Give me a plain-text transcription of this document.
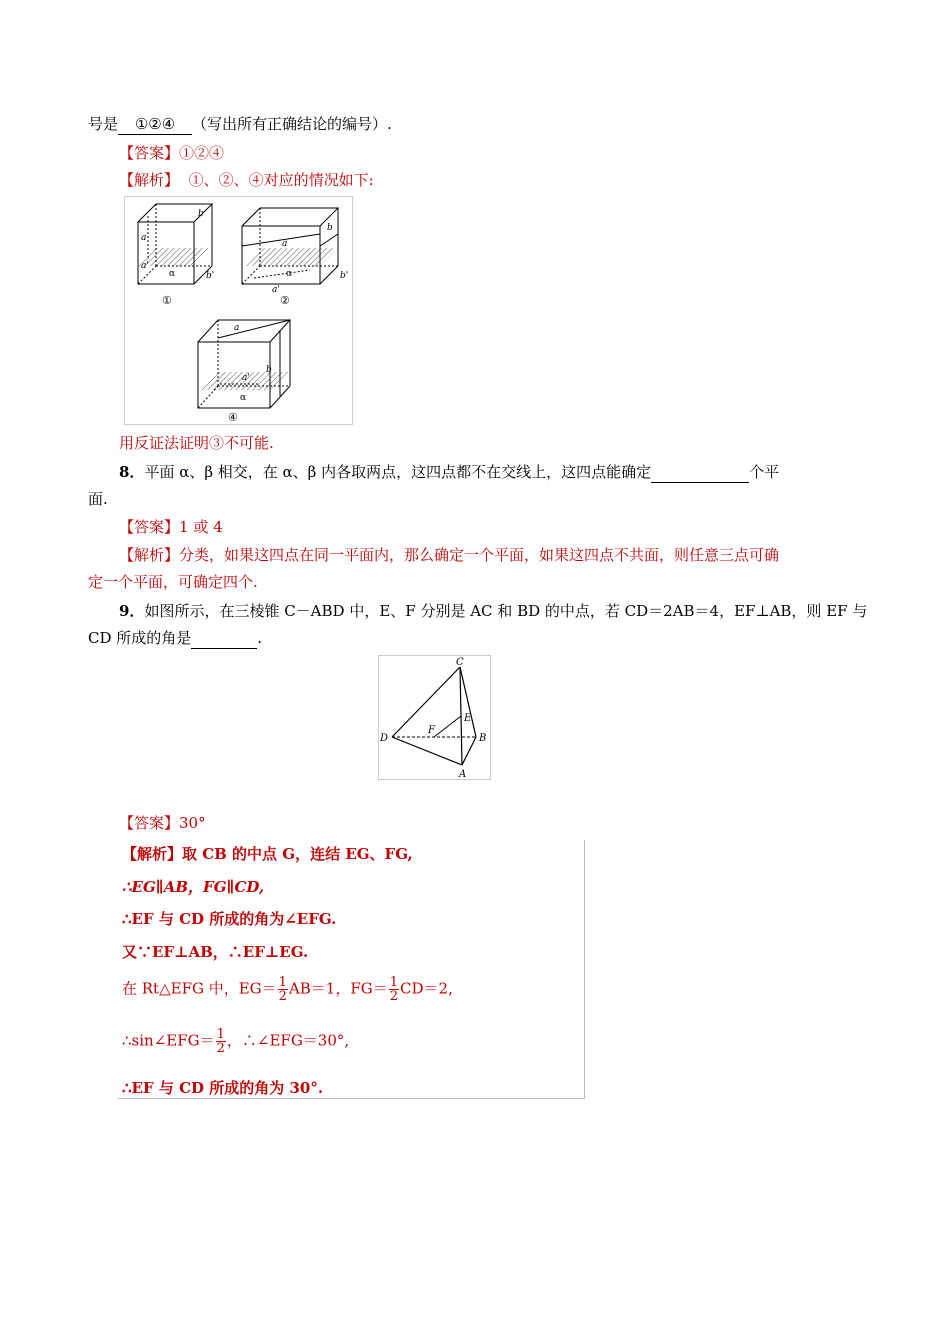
号是 ①②④ （写出所有正确结论的编号）.
【答案】①②④
【解析】 ①、②、④对应的情况如下:
a
b
a'
α	b'
①
a
b
α	b'
a'
②
a
b
a'
α
④
用反证法证明③不可能.
8．平面 α、β 相交，在 α、β 内各取两点，这四点都不在交线上，这四点能确定	个平
面.
【答案】1 或 4
【解析】分类，如果这四点在同一平面内，那么确定一个平面，如果这四点不共面，则任意三点可确
定一个平面，可确定四个.
9．如图所示，在三棱锥 C－ABD 中，E、F 分别是 AC 和 BD 的中点，若 CD＝2AB＝4，EF⊥AB，则 EF 与
CD 所成的角是	.
C
D	B
A
E
F
【答案】30°
【解析】取 CB 的中点 G，连结 EG、FG,
∴EG∥AB，FG∥CD,
∴EF 与 CD 所成的角为∠EFG.
又∵EF⊥AB，∴EF⊥EG.
在 Rt△EFG 中，$EG= \frac{1}{2} AB=1$，$FG= \frac{1}{2} CD=2$,
∴sin∠EFG＝ $\frac{1}{2}$ ，∴∠EFG＝30°,
∴EF 与 CD 所成的角为 30°.
